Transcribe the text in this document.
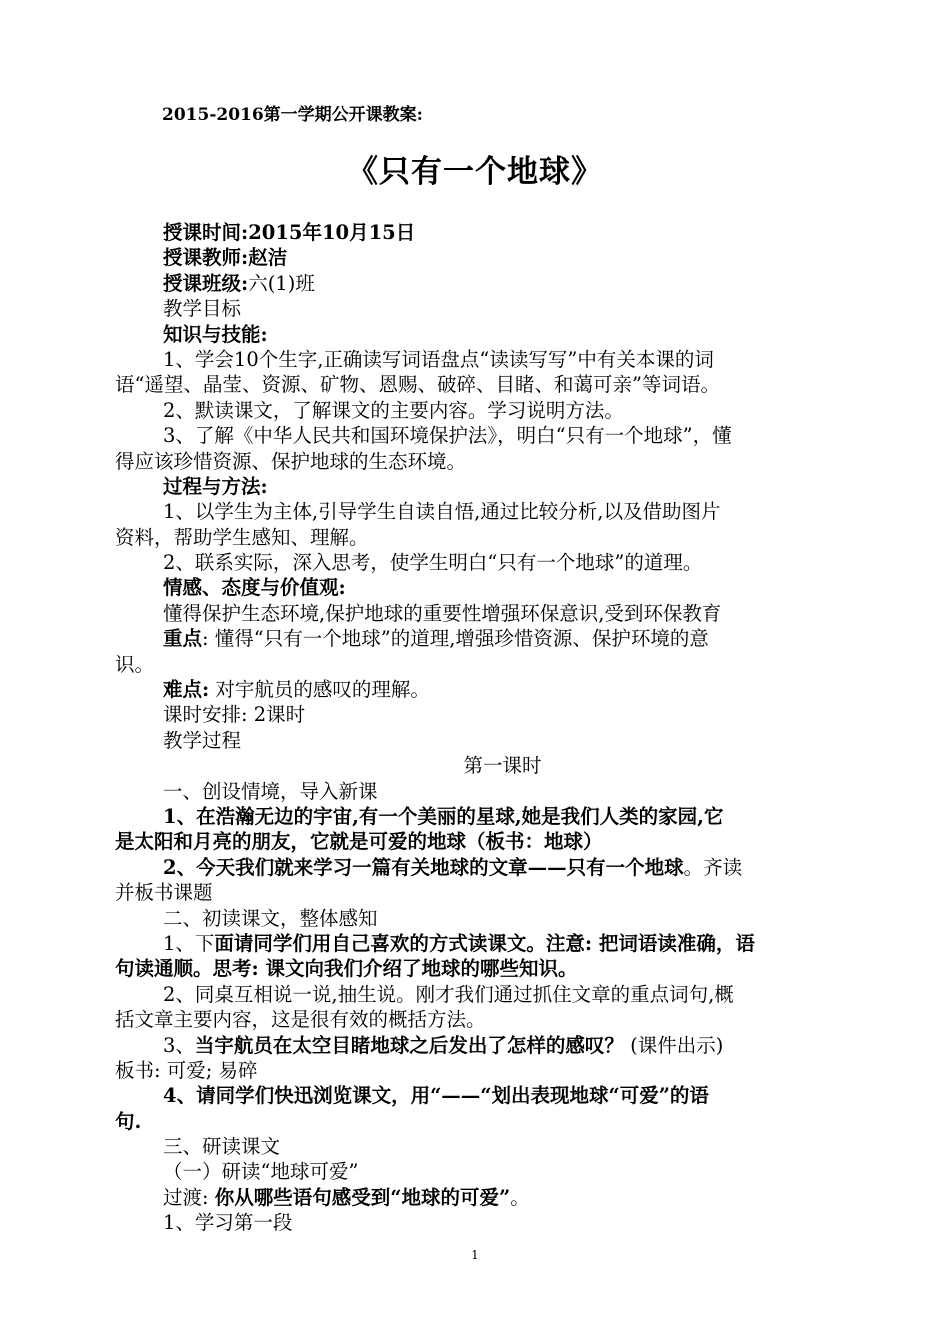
2015-2016第一学期公开课教案:
《只有一个地球》
授课时间:2015年10月15日
授课教师:赵洁
授课班级:六(1)班
教学目标
知识与技能:
1、学会10个生字,正确读写词语盘点“读读写写”中有关本课的词
语“遥望、晶莹、资源、矿物、恩赐、破碎、目睹、和蔼可亲”等词语。
2、默读课文，了解课文的主要内容。学习说明方法。
3、了解《中华人民共和国环境保护法》，明白“只有一个地球”，懂
得应该珍惜资源、保护地球的生态环境。
过程与方法:
1、以学生为主体,引导学生自读自悟,通过比较分析,以及借助图片
资料，帮助学生感知、理解。
2、联系实际，深入思考，使学生明白“只有一个地球”的道理。
情感、态度与价值观:
懂得保护生态环境,保护地球的重要性增强环保意识,受到环保教育
重点: 懂得“只有一个地球”的道理,增强珍惜资源、保护环境的意
识。
难点: 对宇航员的感叹的理解。
课时安排: 2课时
教学过程
第一课时
一、创设情境，导入新课
1、在浩瀚无边的宇宙,有一个美丽的星球,她是我们人类的家园,它
是太阳和月亮的朋友，它就是可爱的地球（板书：地球）
2、今天我们就来学习一篇有关地球的文章——只有一个地球。齐读
并板书课题
二、初读课文，整体感知
1、下面请同学们用自己喜欢的方式读课文。注意: 把词语读准确，语
句读通顺。思考: 课文向我们介绍了地球的哪些知识。
2、同桌互相说一说,抽生说。刚才我们通过抓住文章的重点词句,概
括文章主要内容，这是很有效的概括方法。
3、当宇航员在太空目睹地球之后发出了怎样的感叹？ (课件出示)
板书: 可爱; 易碎
4、请同学们快迅浏览课文，用“——“划出表现地球“可爱”的语
句.
三、研读课文
（一）研读“地球可爱”
过渡: 你从哪些语句感受到“地球的可爱”。
1、学习第一段
1
